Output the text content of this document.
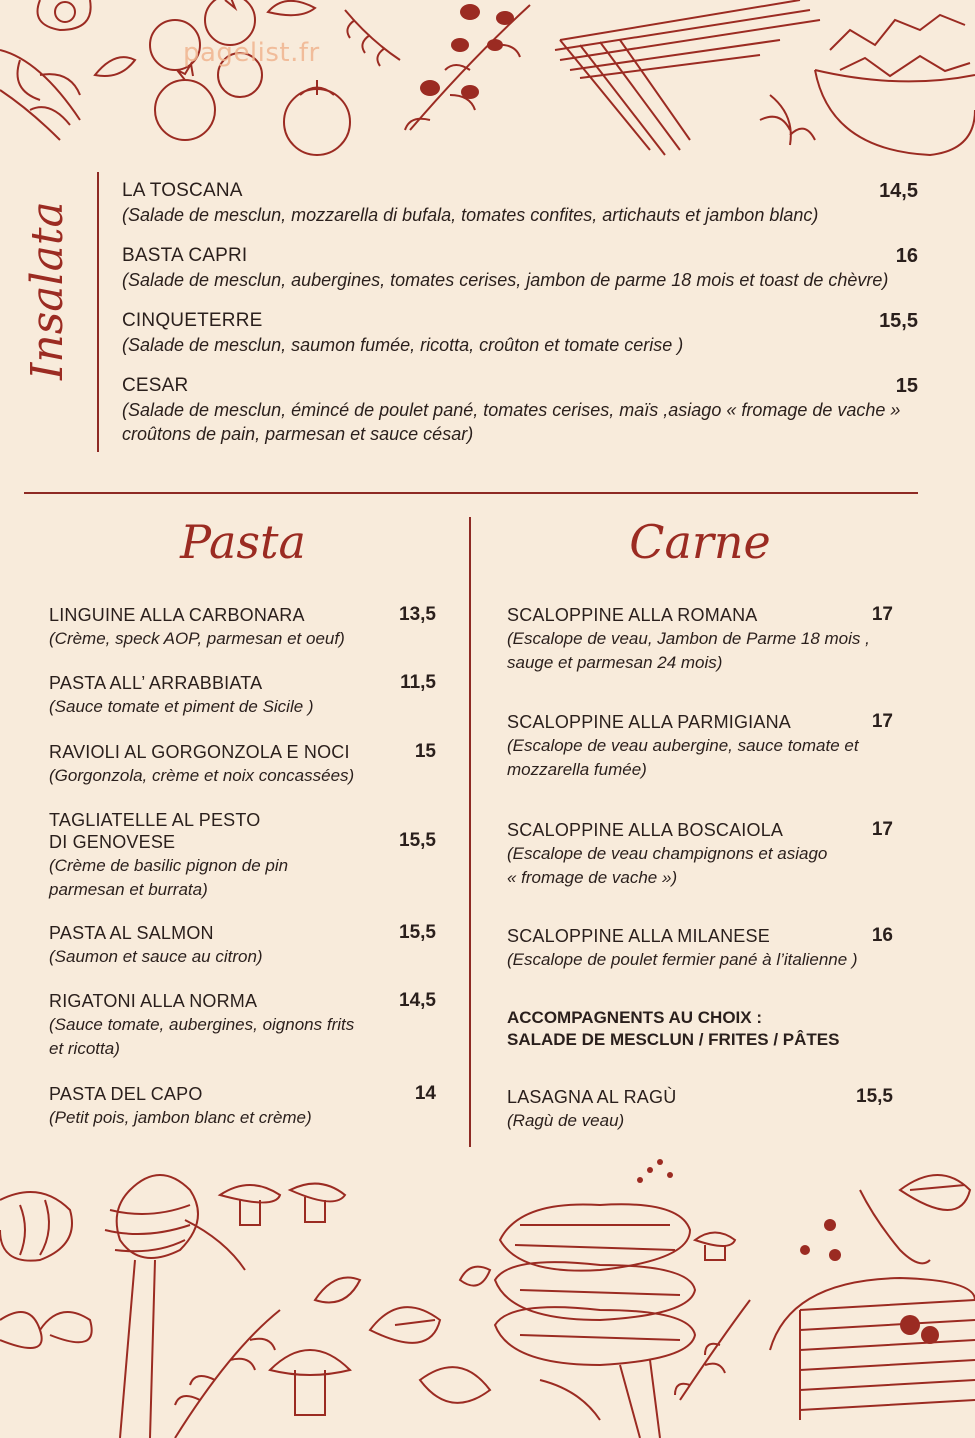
pagelist.fr
Insalata
LA TOSCANA	14,5
(Salade de mesclun, mozzarella di bufala, tomates confites, artichauts et jambon blanc)
BASTA CAPRI	16
(Salade de mesclun, aubergines, tomates cerises, jambon de parme 18 mois et toast de chèvre)
CINQUETERRE	15,5
(Salade de mesclun, saumon fumée, ricotta, croûton et tomate cerise )
CESAR	15
(Salade de mesclun, émincé de poulet pané, tomates cerises, maïs ,asiago « fromage de vache » croûtons de pain, parmesan et sauce césar)
Pasta
LINGUINE ALLA CARBONARA	13,5
(Crème, speck AOP, parmesan et oeuf)
PASTA ALL’ ARRABBIATA	11,5
(Sauce tomate et piment de Sicile )
RAVIOLI AL GORGONZOLA E NOCI	15
(Gorgonzola, crème et noix concassées)
TAGLIATELLE AL PESTO
DI GENOVESE	15,5
(Crème de basilic pignon de pin
parmesan et burrata)
PASTA AL SALMON	15,5
(Saumon et sauce au citron)
RIGATONI ALLA NORMA	14,5
(Sauce tomate, aubergines, oignons frits
et ricotta)
PASTA DEL CAPO	14
(Petit pois, jambon blanc et crème)
Carne
SCALOPPINE ALLA ROMANA	17
(Escalope de veau, Jambon de Parme 18 mois ,
sauge et parmesan 24 mois)
SCALOPPINE ALLA PARMIGIANA	17
(Escalope de veau aubergine, sauce tomate et
mozzarella fumée)
SCALOPPINE ALLA BOSCAIOLA	17
(Escalope de veau champignons et asiago
« fromage de vache »)
SCALOPPINE ALLA MILANESE	16
(Escalope de poulet fermier pané à l’italienne )
ACCOMPAGNENTS AU CHOIX :
SALADE DE MESCLUN / FRITES / PÂTES
LASAGNA AL RAGÙ	15,5
(Ragù de veau)
